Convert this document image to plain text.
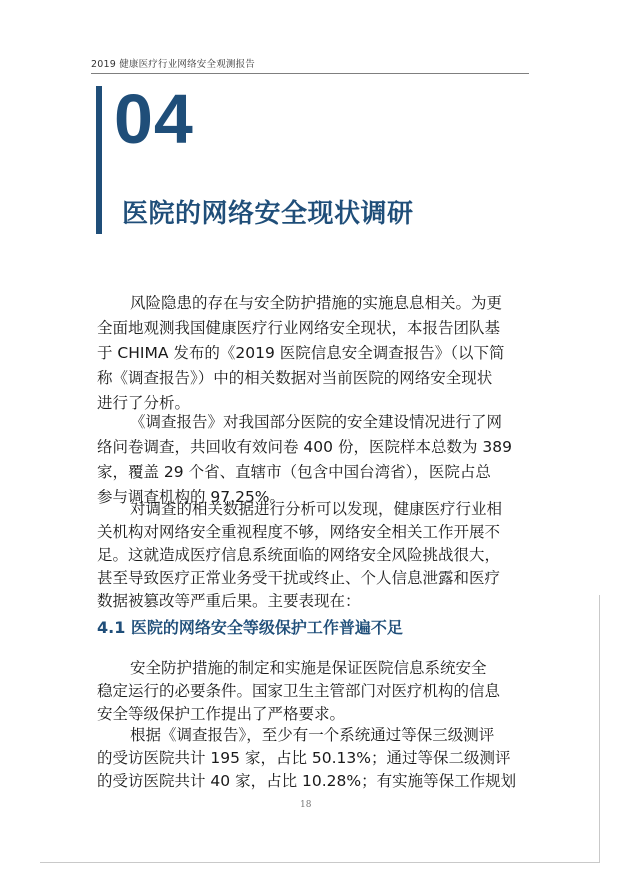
2019 健康医疗行业网络安全观测报告
04
医院的网络安全现状调研
风险隐患的存在与安全防护措施的实施息息相关。为更
全面地观测我国健康医疗行业网络安全现状，本报告团队基
于 CHIMA 发布的《2019 医院信息安全调查报告》（以下简
称《调查报告》）中的相关数据对当前医院的网络安全现状
进行了分析。
《调查报告》对我国部分医院的安全建设情况进行了网
络问卷调查，共回收有效问卷 400 份，医院样本总数为 389
家，覆盖 29 个省、直辖市（包含中国台湾省），医院占总
参与调查机构的 97.25%。
对调查的相关数据进行分析可以发现，健康医疗行业相
关机构对网络安全重视程度不够，网络安全相关工作开展不
足。这就造成医疗信息系统面临的网络安全风险挑战很大，
甚至导致医疗正常业务受干扰或终止、个人信息泄露和医疗
数据被篡改等严重后果。主要表现在：
4.1 医院的网络安全等级保护工作普遍不足
安全防护措施的制定和实施是保证医院信息系统安全
稳定运行的必要条件。国家卫生主管部门对医疗机构的信息
安全等级保护工作提出了严格要求。
根据《调查报告》，至少有一个系统通过等保三级测评
的受访医院共计 195 家，占比 50.13%；通过等保二级测评
的受访医院共计 40 家，占比 10.28%；有实施等保工作规划
18
